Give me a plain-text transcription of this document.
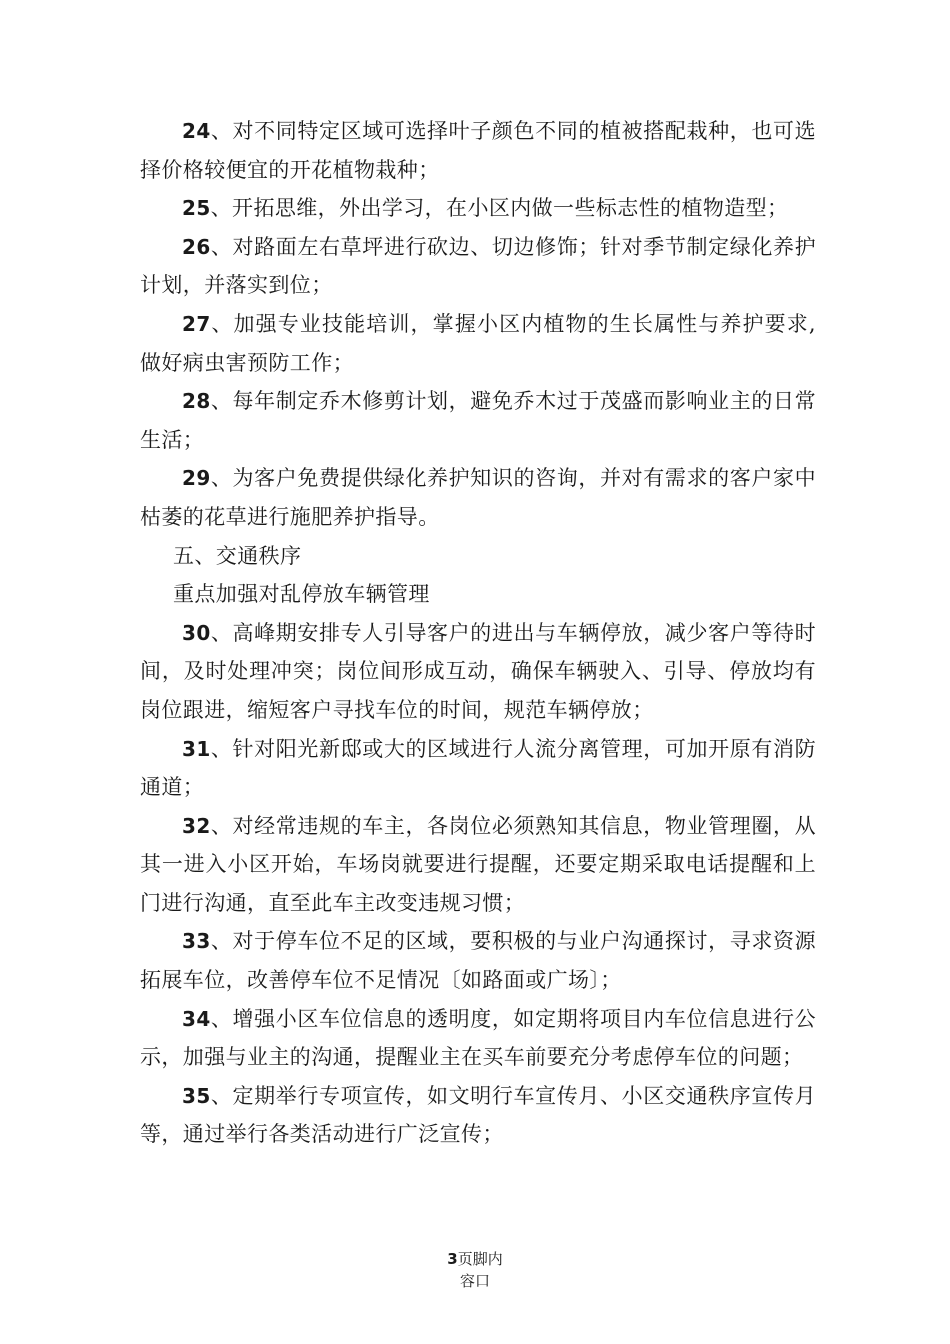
24、对不同特定区域可选择叶子颜色不同的植被搭配栽种，也可选择价格较便宜的开花植物栽种；

25、开拓思维，外出学习，在小区内做一些标志性的植物造型；

26、对路面左右草坪进行砍边、切边修饰；针对季节制定绿化养护计划，并落实到位；

27、加强专业技能培训，掌握小区内植物的生长属性与养护要求,做好病虫害预防工作；

28、每年制定乔木修剪计划，避免乔木过于茂盛而影响业主的日常生活；

29、为客户免费提供绿化养护知识的咨询，并对有需求的客户家中枯萎的花草进行施肥养护指导。

五、交通秩序

重点加强对乱停放车辆管理

30、高峰期安排专人引导客户的进出与车辆停放，减少客户等待时间，及时处理冲突；岗位间形成互动，确保车辆驶入、引导、停放均有岗位跟进，缩短客户寻找车位的时间，规范车辆停放；

31、针对阳光新邸或大的区域进行人流分离管理，可加开原有消防通道；

32、对经常违规的车主，各岗位必须熟知其信息，物业管理圈，从其一进入小区开始，车场岗就要进行提醒，还要定期采取电话提醒和上门进行沟通，直至此车主改变违规习惯；

33、对于停车位不足的区域，要积极的与业户沟通探讨，寻求资源拓展车位，改善停车位不足情况〔如路面或广场〕；

34、增强小区车位信息的透明度，如定期将项目内车位信息进行公示，加强与业主的沟通，提醒业主在买车前要充分考虑停车位的问题；

35、定期举行专项宣传，如文明行车宣传月、小区交通秩序宣传月等，通过举行各类活动进行广泛宣传；

3页脚内
容口
